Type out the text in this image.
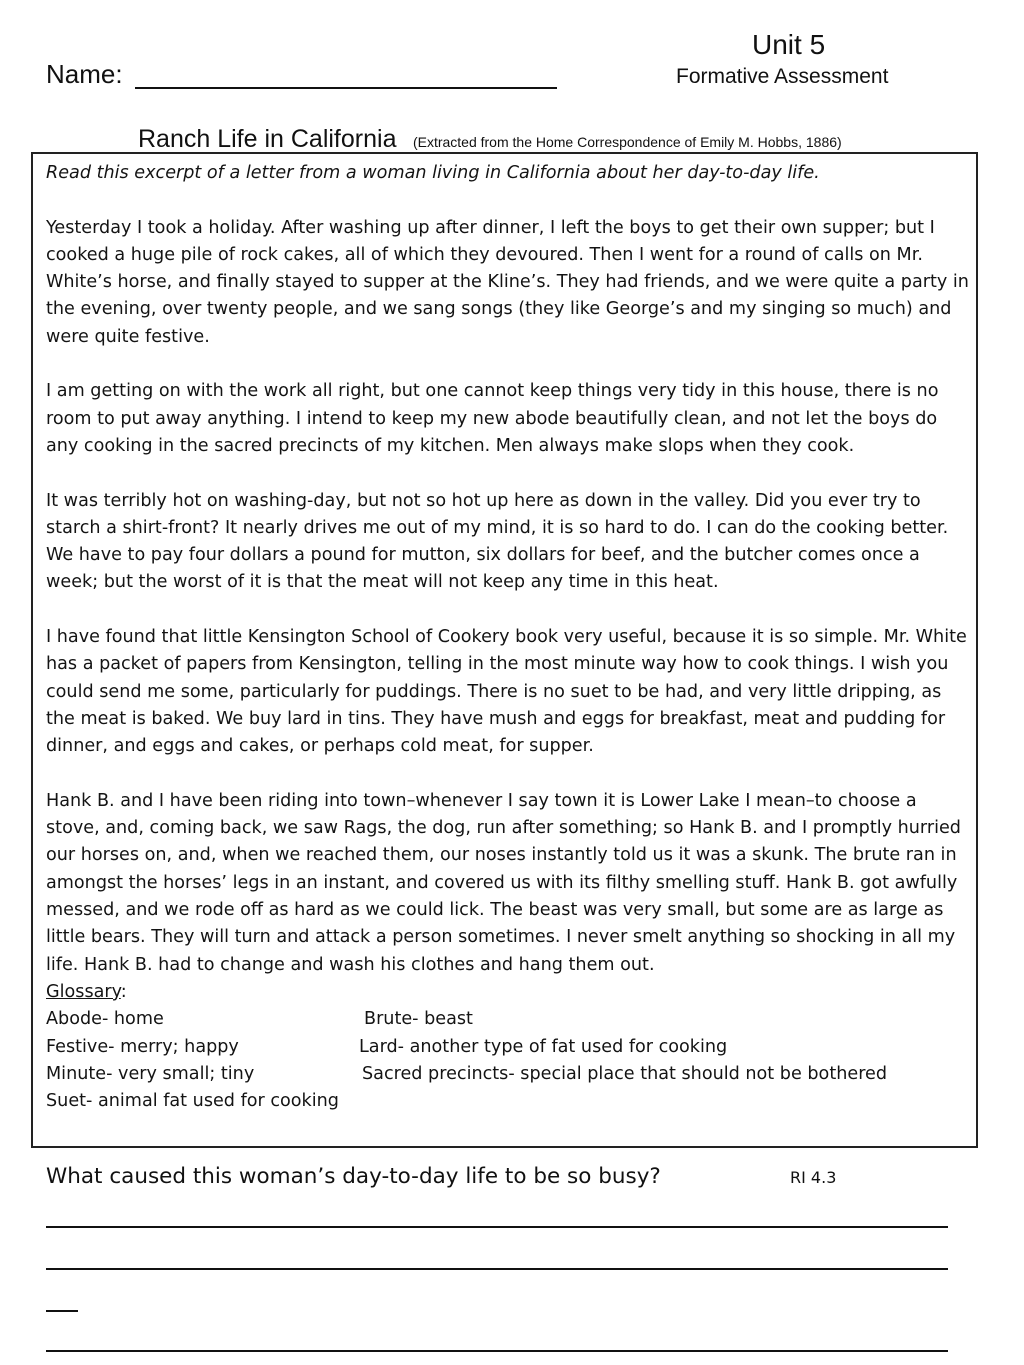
Unit 5
Formative Assessment
Name:
Ranch Life in California (Extracted from the Home Correspondence of Emily M. Hobbs, 1886)

Read this excerpt of a letter from a woman living in California about her day-to-day life.

Yesterday I took a holiday. After washing up after dinner, I left the boys to get their own supper; but I cooked a huge pile of rock cakes, all of which they devoured. Then I went for a round of calls on Mr. White’s horse, and finally stayed to supper at the Kline’s. They had friends, and we were quite a party in the evening, over twenty people, and we sang songs (they like George’s and my singing so much) and were quite festive.

I am getting on with the work all right, but one cannot keep things very tidy in this house, there is no room to put away anything. I intend to keep my new abode beautifully clean, and not let the boys do any cooking in the sacred precincts of my kitchen. Men always make slops when they cook.

It was terribly hot on washing-day, but not so hot up here as down in the valley. Did you ever try to starch a shirt-front? It nearly drives me out of my mind, it is so hard to do. I can do the cooking better. We have to pay four dollars a pound for mutton, six dollars for beef, and the butcher comes once a week; but the worst of it is that the meat will not keep any time in this heat.

I have found that little Kensington School of Cookery book very useful, because it is so simple. Mr. White has a packet of papers from Kensington, telling in the most minute way how to cook things. I wish you could send me some, particularly for puddings. There is no suet to be had, and very little dripping, as the meat is baked. We buy lard in tins. They have mush and eggs for breakfast, meat and pudding for dinner, and eggs and cakes, or perhaps cold meat, for supper.

Hank B. and I have been riding into town–whenever I say town it is Lower Lake I mean–to choose a stove, and, coming back, we saw Rags, the dog, run after something; so Hank B. and I promptly hurried our horses on, and, when we reached them, our noses instantly told us it was a skunk. The brute ran in amongst the horses’ legs in an instant, and covered us with its filthy smelling stuff. Hank B. got awfully messed, and we rode off as hard as we could lick. The beast was very small, but some are as large as little bears. They will turn and attack a person sometimes. I never smelt anything so shocking in all my life. Hank B. had to change and wash his clothes and hang them out.

Glossary:
Abode- home	Brute- beast
Festive- merry; happy	Lard- another type of fat used for cooking
Minute- very small; tiny	Sacred precincts- special place that should not be bothered
Suet- animal fat used for cooking
What caused this woman’s day-to-day life to be so busy?	RI 4.3
